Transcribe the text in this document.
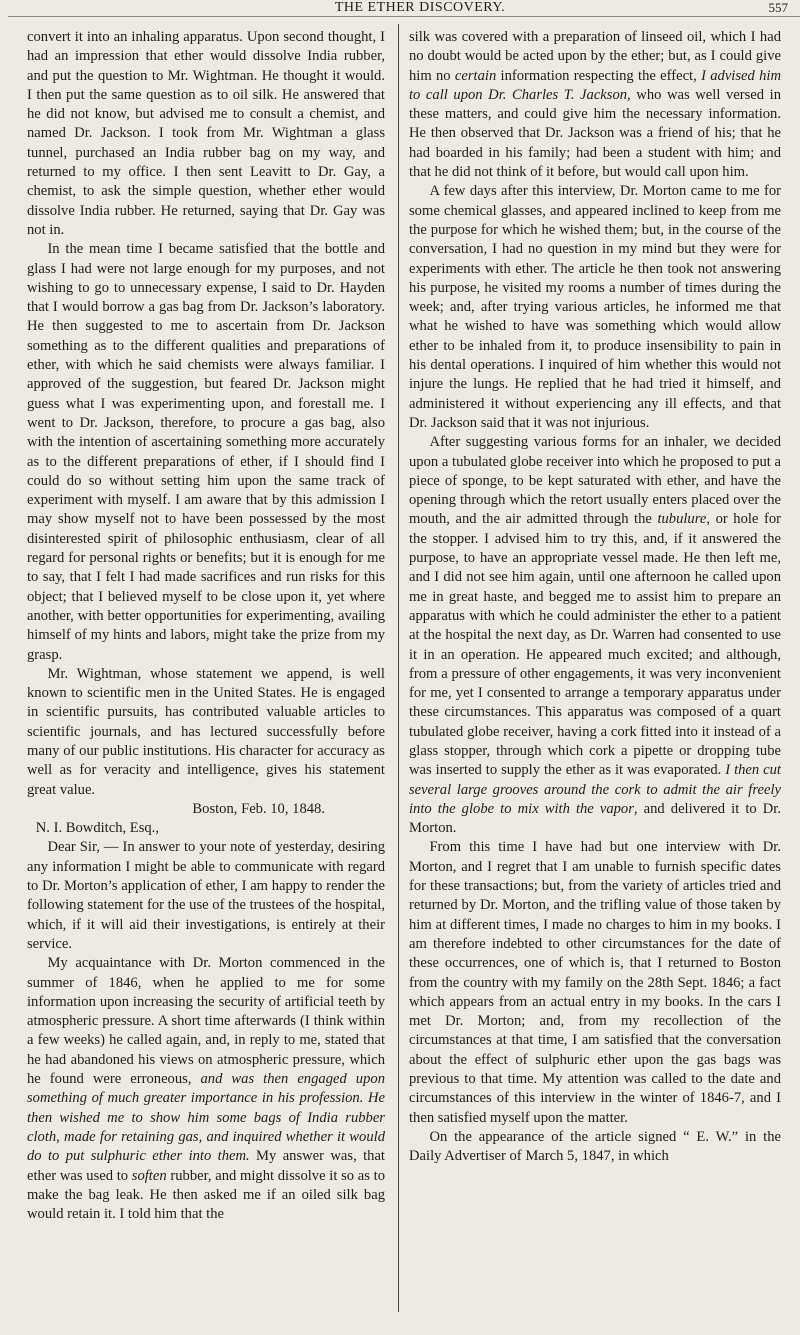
THE ETHER DISCOVERY.	557

convert it into an inhaling apparatus. Upon second thought, I had an impression that ether would dissolve India rubber, and put the question to Mr. Wightman. He thought it would. I then put the same question as to oil silk. He answered that he did not know, but advised me to consult a chemist, and named Dr. Jackson. I took from Mr. Wightman a glass tunnel, purchased an India rubber bag on my way, and returned to my office. I then sent Leavitt to Dr. Gay, a chemist, to ask the simple question, whether ether would dissolve India rubber. He returned, saying that Dr. Gay was not in.

In the mean time I became satisfied that the bottle and glass I had were not large enough for my purposes, and not wishing to go to unnecessary expense, I said to Dr. Hayden that I would borrow a gas bag from Dr. Jackson’s laboratory. He then suggested to me to ascertain from Dr. Jackson something as to the different qualities and preparations of ether, with which he said chemists were always familiar. I approved of the suggestion, but feared Dr. Jackson might guess what I was experimenting upon, and forestall me. I went to Dr. Jackson, therefore, to procure a gas bag, also with the intention of ascertaining something more accurately as to the different preparations of ether, if I should find I could do so without setting him upon the same track of experiment with myself. I am aware that by this admission I may show myself not to have been possessed by the most disinterested spirit of philosophic enthusiasm, clear of all regard for personal rights or benefits; but it is enough for me to say, that I felt I had made sacrifices and run risks for this object; that I believed myself to be close upon it, yet where another, with better opportunities for experimenting, availing himself of my hints and labors, might take the prize from my grasp.

Mr. Wightman, whose statement we append, is well known to scientific men in the United States. He is engaged in scientific pursuits, has contributed valuable articles to scientific journals, and has lectured successfully before many of our public institutions. His character for accuracy as well as for veracity and intelligence, gives his statement great value.

Boston, Feb. 10, 1848.

N. I. Bowditch, Esq.,

Dear Sir, — In answer to your note of yesterday, desiring any information I might be able to communicate with regard to Dr. Morton’s application of ether, I am happy to render the following statement for the use of the trustees of the hospital, which, if it will aid their investigations, is entirely at their service.

My acquaintance with Dr. Morton commenced in the summer of 1846, when he applied to me for some information upon increasing the security of artificial teeth by atmospheric pressure. A short time afterwards (I think within a few weeks) he called again, and, in reply to me, stated that he had abandoned his views on atmospheric pressure, which he found were erroneous, and was then engaged upon something of much greater importance in his profession. He then wished me to show him some bags of India rubber cloth, made for retaining gas, and inquired whether it would do to put sulphuric ether into them. My answer was, that ether was used to soften rubber, and might dissolve it so as to make the bag leak. He then asked me if an oiled silk bag would retain it. I told him that the

silk was covered with a preparation of linseed oil, which I had no doubt would be acted upon by the ether; but, as I could give him no certain information respecting the effect, I advised him to call upon Dr. Charles T. Jackson, who was well versed in these matters, and could give him the necessary information. He then observed that Dr. Jackson was a friend of his; that he had boarded in his family; had been a student with him; and that he did not think of it before, but would call upon him.

A few days after this interview, Dr. Morton came to me for some chemical glasses, and appeared inclined to keep from me the purpose for which he wished them; but, in the course of the conversation, I had no question in my mind but they were for experiments with ether. The article he then took not answering his purpose, he visited my rooms a number of times during the week; and, after trying various articles, he informed me that what he wished to have was something which would allow ether to be inhaled from it, to produce insensibility to pain in his dental operations. I inquired of him whether this would not injure the lungs. He replied that he had tried it himself, and administered it without experiencing any ill effects, and that Dr. Jackson said that it was not injurious.

After suggesting various forms for an inhaler, we decided upon a tubulated globe receiver into which he proposed to put a piece of sponge, to be kept saturated with ether, and have the opening through which the retort usually enters placed over the mouth, and the air admitted through the tubulure, or hole for the stopper. I advised him to try this, and, if it answered the purpose, to have an appropriate vessel made. He then left me, and I did not see him again, until one afternoon he called upon me in great haste, and begged me to assist him to prepare an apparatus with which he could administer the ether to a patient at the hospital the next day, as Dr. Warren had consented to use it in an operation. He appeared much excited; and although, from a pressure of other engagements, it was very inconvenient for me, yet I consented to arrange a temporary apparatus under these circumstances. This apparatus was composed of a quart tubulated globe receiver, having a cork fitted into it instead of a glass stopper, through which cork a pipette or dropping tube was inserted to supply the ether as it was evaporated. I then cut several large grooves around the cork to admit the air freely into the globe to mix with the vapor, and delivered it to Dr. Morton.

From this time I have had but one interview with Dr. Morton, and I regret that I am unable to furnish specific dates for these transactions; but, from the variety of articles tried and returned by Dr. Morton, and the trifling value of those taken by him at different times, I made no charges to him in my books. I am therefore indebted to other circumstances for the date of these occurrences, one of which is, that I returned to Boston from the country with my family on the 28th Sept. 1846; a fact which appears from an actual entry in my books. In the cars I met Dr. Morton; and, from my recollection of the circumstances at that time, I am satisfied that the conversation about the effect of sulphuric ether upon the gas bags was previous to that time. My attention was called to the date and circumstances of this interview in the winter of 1846-7, and I then satisfied myself upon the matter.

On the appearance of the article signed “ E. W.” in the Daily Advertiser of March 5, 1847, in which
